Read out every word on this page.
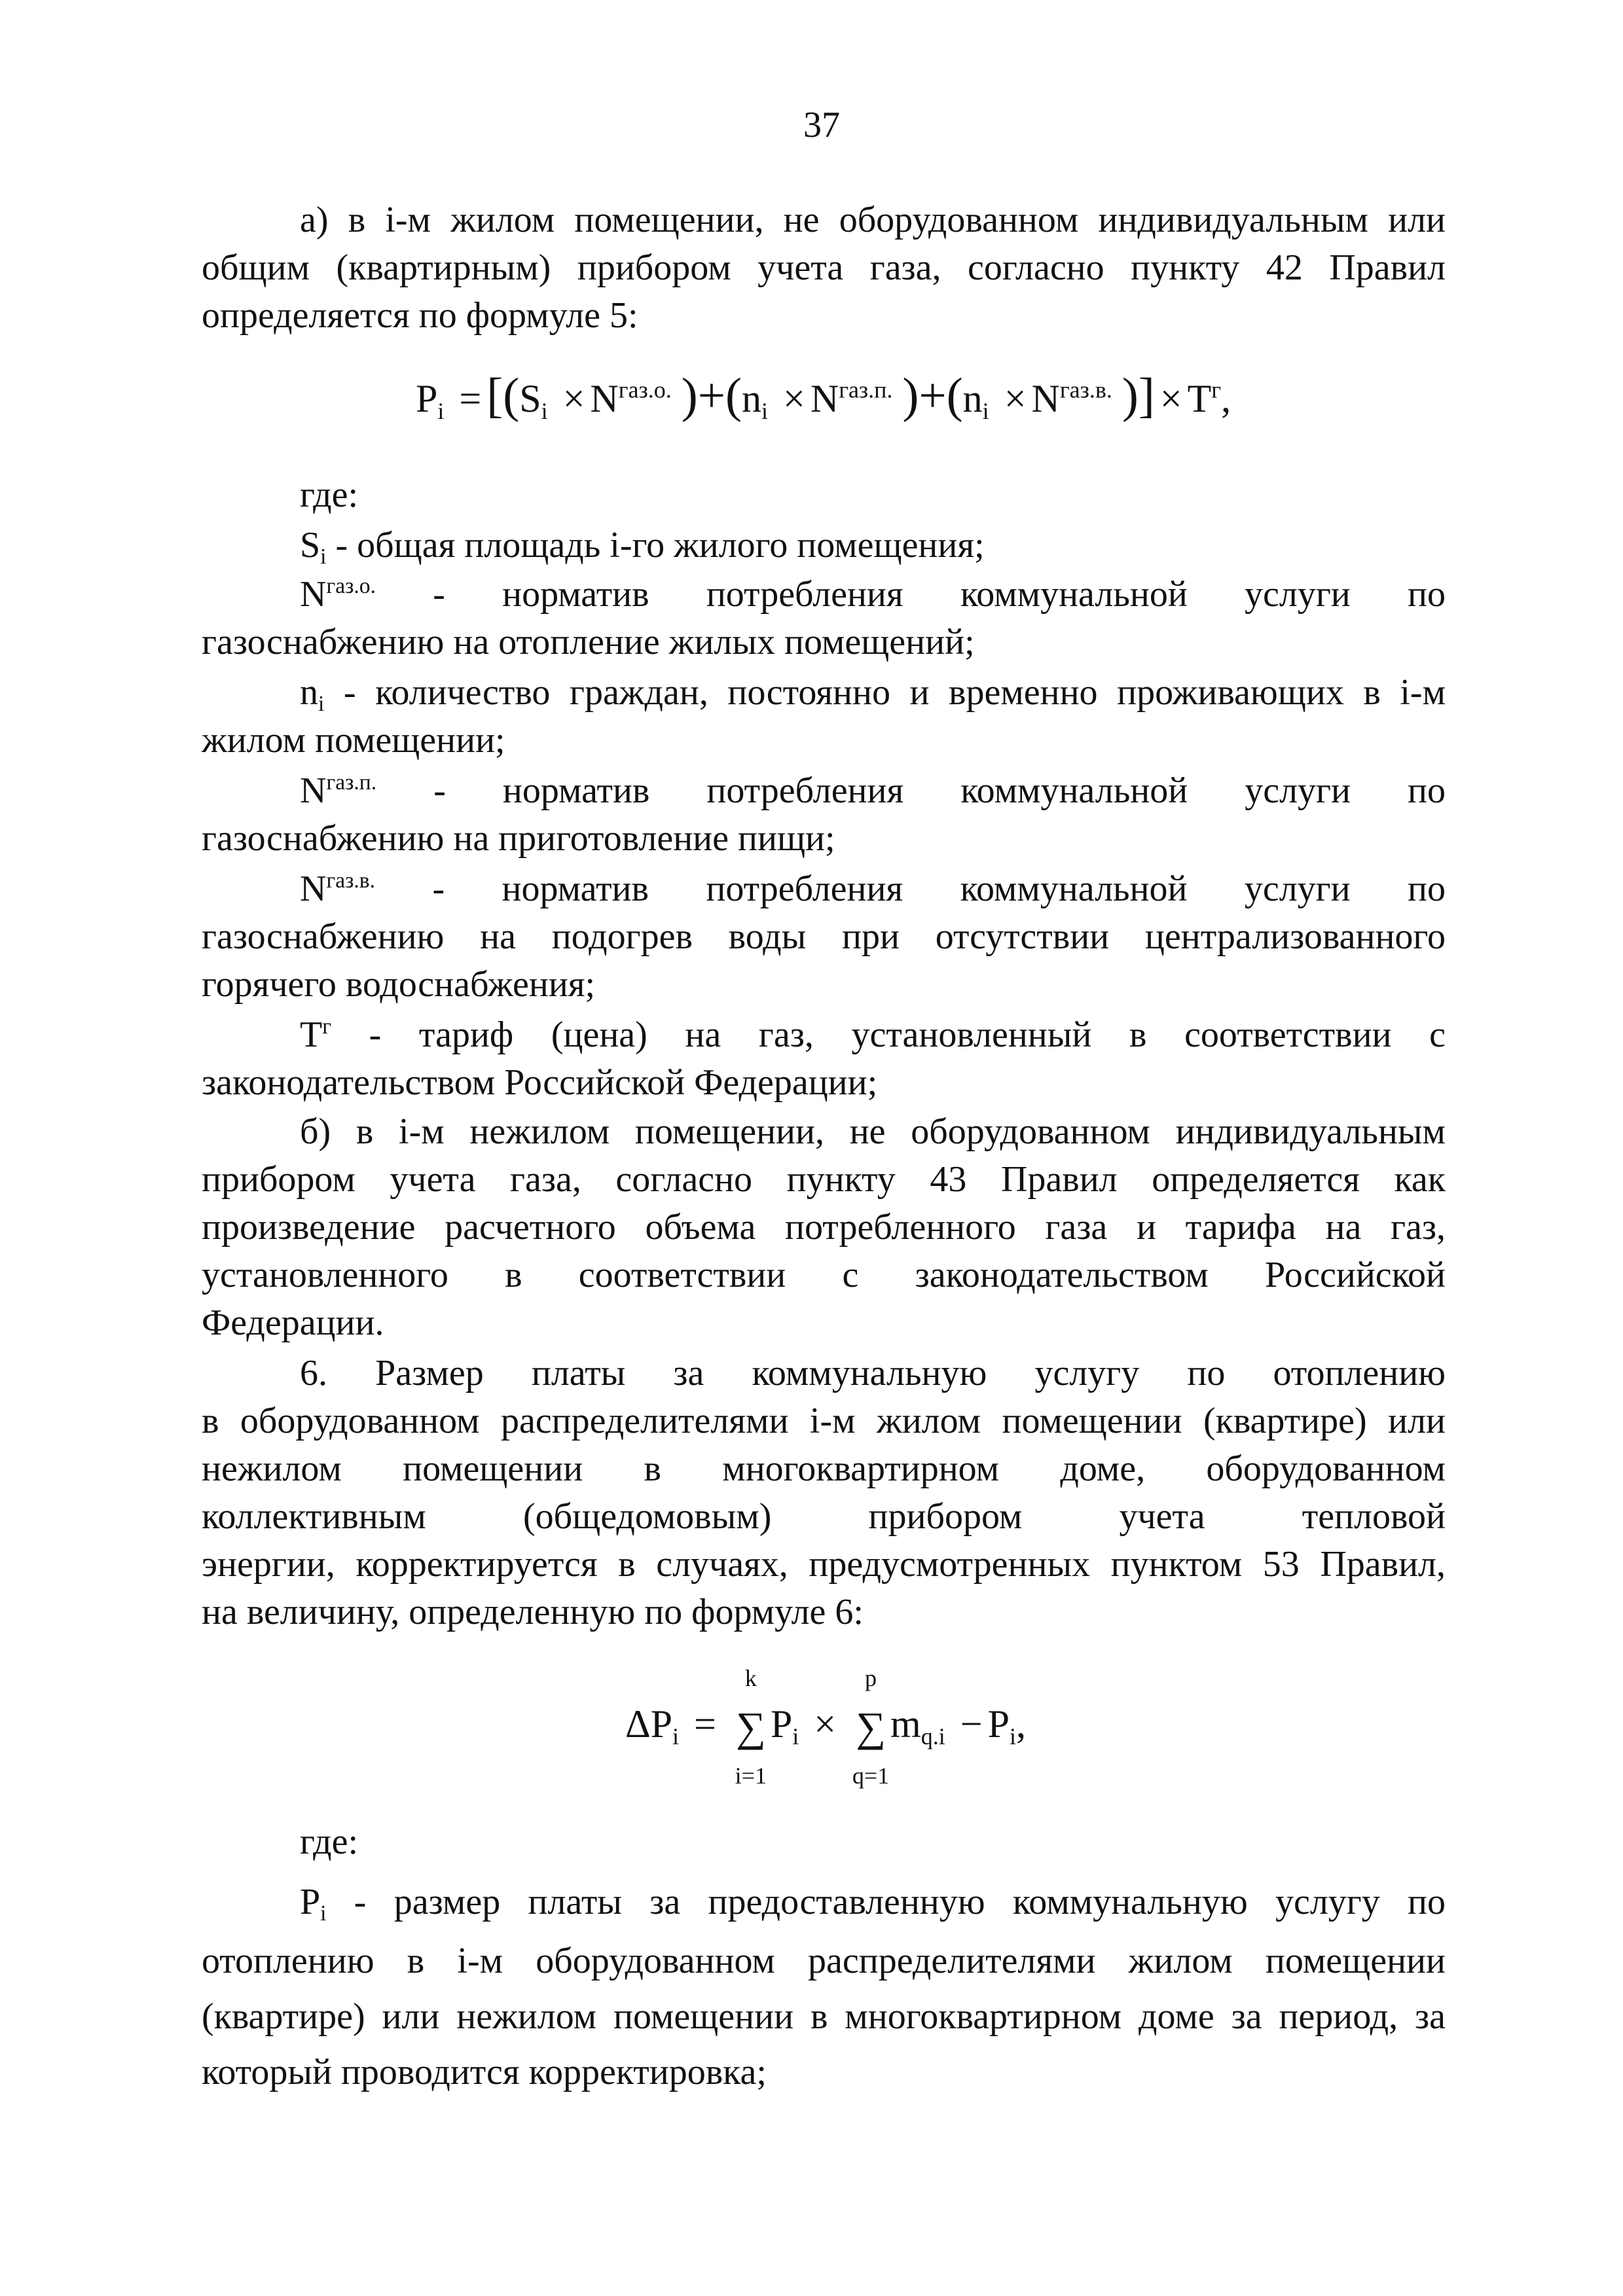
37
а) в i-м жилом помещении, не оборудованном индивидуальным или
общим (квартирным) прибором учета газа, согласно пункту 42 Правил
определяется по формуле 5:
$P_i = [(S_i \times N^{газ.о.}$ )$+(n_i \times N^{газ.п.}$ )$+(n_i \times N^{газ.в.}$ )] × $T^г$,
где:
$S_i$ - общая площадь i-го жилого помещения;
$N^{газ.о.}$ - норматив потребления коммунальной услуги по
газоснабжению на отопление жилых помещений;
$n_i$ - количество граждан, постоянно и временно проживающих в i-м
жилом помещении;
$N^{газ.п.}$ - норматив потребления коммунальной услуги по
газоснабжению на приготовление пищи;
$N^{газ.в.}$ - норматив потребления коммунальной услуги по
газоснабжению на подогрев воды при отсутствии централизованного
горячего водоснабжения;
$T^г$ - тариф (цена) на газ, установленный в соответствии с
законодательством Российской Федерации;
б) в i-м нежилом помещении, не оборудованном индивидуальным
прибором учета газа, согласно пункту 43 Правил определяется как
произведение расчетного объема потребленного газа и тарифа на газ,
установленного в соответствии с законодательством Российской
Федерации.
6. Размер платы за коммунальную услугу по отоплению
в оборудованном распределителями i-м жилом помещении (квартире) или
нежилом помещении в многоквартирном доме, оборудованном
коллективным (общедомовым) прибором учета тепловой
энергии, корректируется в случаях, предусмотренных пунктом 53 Правил,
на величину, определенную по формуле 6:
$\Delta P_i$ =
k
∑
i=1
$P_i$ ×
p
∑
q=1
$m_{q.i} - P_i$,
где:
$P_i$ - размер платы за предоставленную коммунальную услугу по
отоплению в i-м оборудованном распределителями жилом помещении
(квартире) или нежилом помещении в многоквартирном доме за период, за
который проводится корректировка;
